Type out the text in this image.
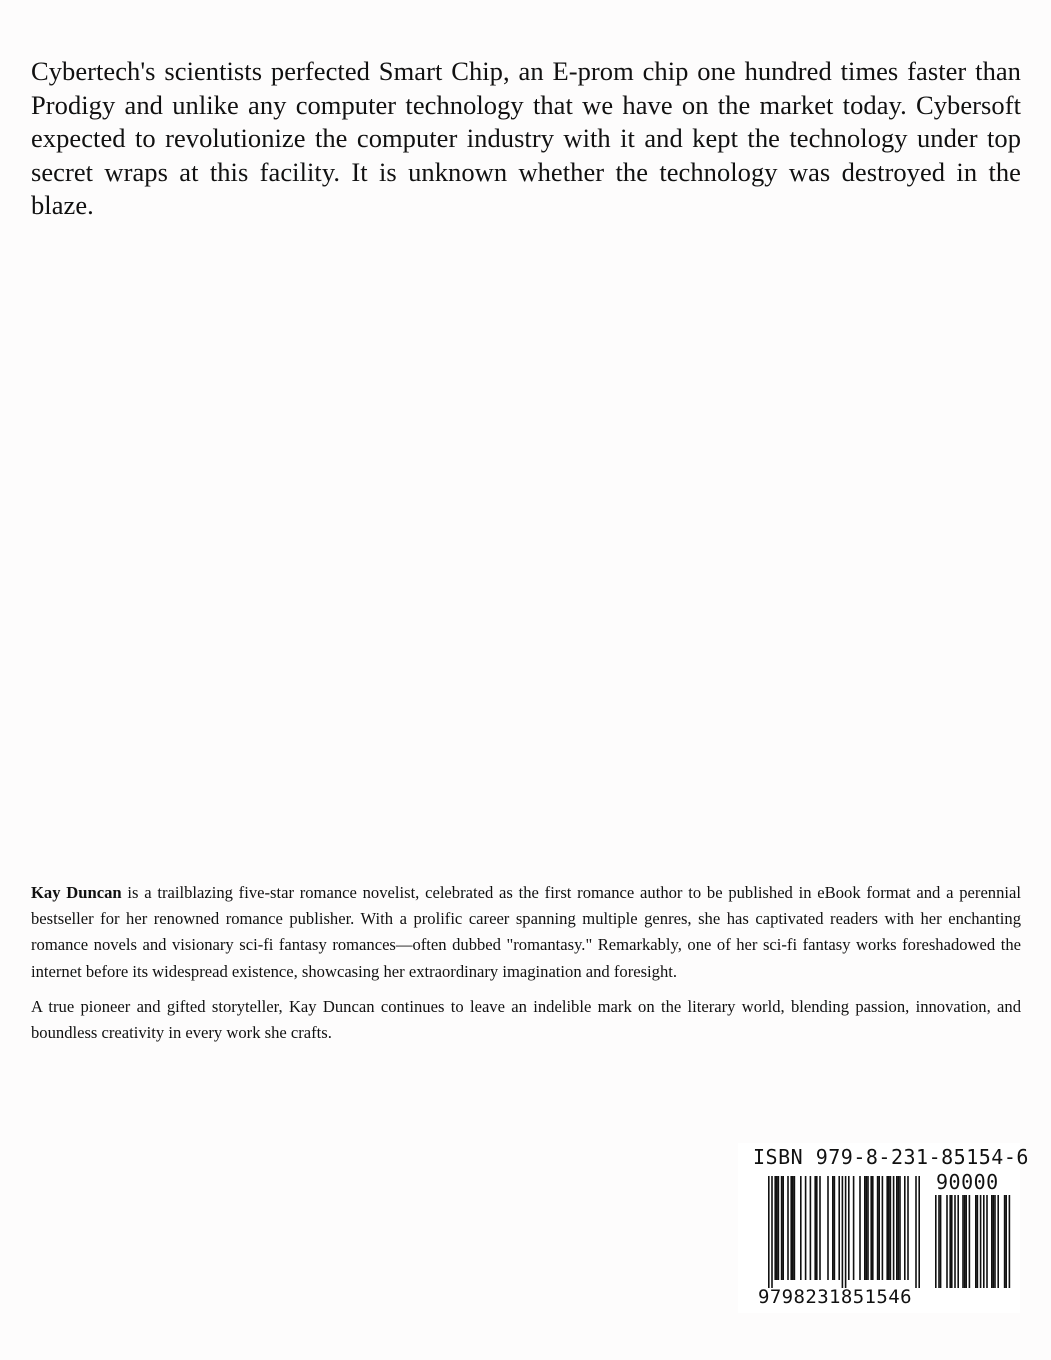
Cybertech's scientists perfected Smart Chip, an E-prom chip one hundred times faster than Prodigy and unlike any computer technology that we have on the market today. Cybersoft expected to revolutionize the computer industry with it and kept the technology under top secret wraps at this facility. It is unknown whether the technology was destroyed in the blaze.

Kay Duncan is a trailblazing five-star romance novelist, celebrated as the first romance author to be published in eBook format and a perennial bestseller for her renowned romance publisher. With a prolific career spanning multiple genres, she has captivated readers with her enchanting romance novels and visionary sci-fi fantasy romances—often dubbed "romantasy." Remarkably, one of her sci-fi fantasy works foreshadowed the internet before its widespread existence, showcasing her extraordinary imagination and foresight.

A true pioneer and gifted storyteller, Kay Duncan continues to leave an indelible mark on the literary world, blending passion, innovation, and boundless creativity in every work she crafts.

ISBN 979-8-231-85154-6
90000
9798231851546
